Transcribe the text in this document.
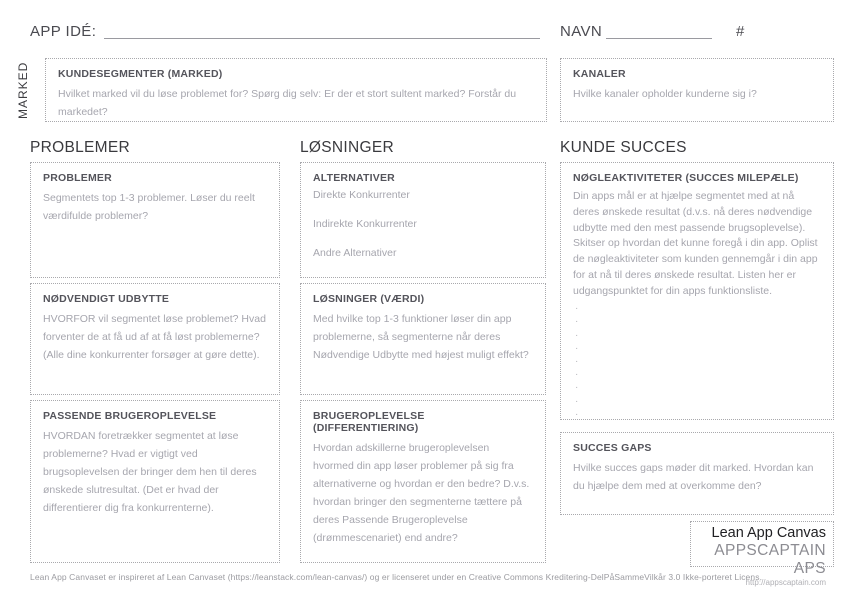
APP IDÉ:	NAVN	#
MARKED	KUNDESEGMENTER (MARKED)
Hvilket marked vil du løse problemet for? Spørg dig selv: Er der et stort sultent marked? Forstår du markedet?
KANALER
Hvilke kanaler opholder kunderne sig i?
PROBLEMER	LØSNINGER	KUNDE SUCCES
PROBLEMER
Segmentets top 1-3 problemer. Løser du reelt værdifulde problemer?
NØDVENDIGT UDBYTTE
HVORFOR vil segmentet løse problemet? Hvad forventer de at få ud af at få løst problemerne? (Alle dine konkurrenter forsøger at gøre dette).
PASSENDE BRUGEROPLEVELSE
HVORDAN foretrækker segmentet at løse problemerne? Hvad er vigtigt ved brugsoplevelsen der bringer dem hen til deres ønskede slutresultat. (Det er hvad der differentierer dig fra konkurrenterne).
ALTERNATIVER
Direkte Konkurrenter
Indirekte Konkurrenter
Andre Alternativer
LØSNINGER (VÆRDI)
Med hvilke top 1-3 funktioner løser din app problemerne, så segmenterne når deres Nødvendige Udbytte med højest muligt effekt?
BRUGEROPLEVELSE (DIFFERENTIERING)
Hvordan adskillerne brugeroplevelsen hvormed din app løser problemer på sig fra alternativerne og hvordan er den bedre? D.v.s. hvordan bringer den segmenterne tættere på deres Passende Brugeroplevelse (drømmescenariet) end andre?
NØGLEAKTIVITETER (SUCCES MILEPÆLE)
Din apps mål er at hjælpe segmentet med at nå deres ønskede resultat (d.v.s. nå deres nødvendige udbytte med den mest passende brugsoplevelse). Skitser op hvordan det kunne foregå i din app. Oplist de nøgleaktiviteter som kunden gennemgår i din app for at nå til deres ønskede resultat. Listen her er udgangspunktet for din apps funktionsliste.
·
·
·
·
·
·
·
·
·
SUCCES GAPS
Hvilke succes gaps møder dit marked. Hvordan kan du hjælpe dem med at overkomme den?
Lean App Canvas
APPSCAPTAIN APS
http://appscaptain.com
Lean App Canvaset er inspireret af Lean Canvaset (https://leanstack.com/lean-canvas/) og er licenseret under en Creative Commons Kreditering-DelPåSammeVilkår 3.0 Ikke-porteret Licens.
